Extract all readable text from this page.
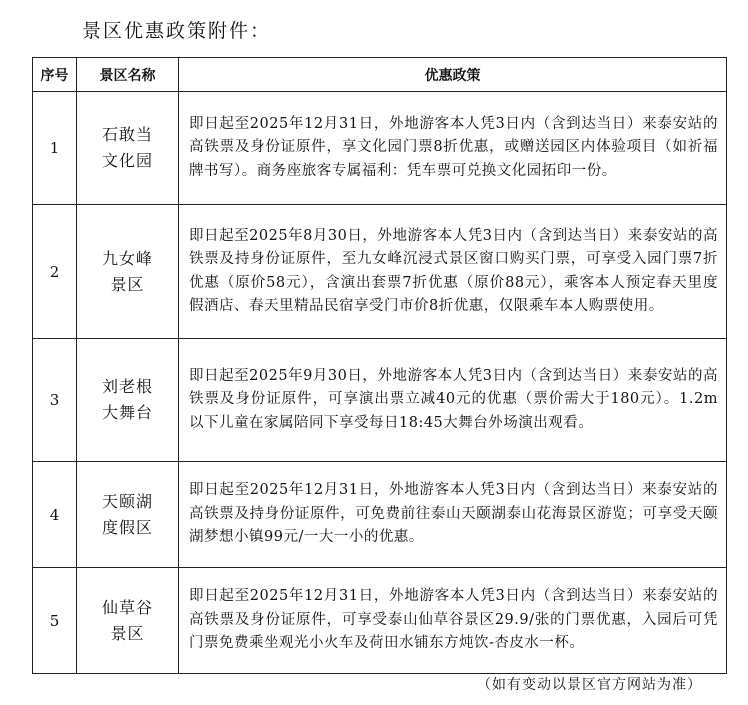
景区优惠政策附件：
序号	景区名称	优惠政策
1	石敢当文化园	即日起至2025年12月31日，外地游客本人凭3日内（含到达当日）来泰安站的高铁票及身份证原件，享文化园门票8折优惠，或赠送园区内体验项目（如祈福牌书写）。商务座旅客专属福利：凭车票可兑换文化园拓印一份。

2	九女峰景区	即日起至2025年8月30日，外地游客本人凭3日内（含到达当日）来泰安站的高铁票及持身份证原件，至九女峰沉浸式景区窗口购买门票，可享受入园门票7折优惠（原价58元），含演出套票7折优惠（原价88元），乘客本人预定春天里度假酒店、春天里精品民宿享受门市价8折优惠，仅限乘车本人购票使用。

3	刘老根大舞台	即日起至2025年9月30日，外地游客本人凭3日内（含到达当日）来泰安站的高铁票及身份证原件，可享演出票立减40元的优惠（票价需大于180元）。1.2m以下儿童在家属陪同下享受每日18:45大舞台外场演出观看。

4	天颐湖度假区	即日起至2025年12月31日，外地游客本人凭3日内（含到达当日）来泰安站的高铁票及持身份证原件，可免费前往泰山天颐湖泰山花海景区游览；可享受天颐湖梦想小镇99元/一大一小的优惠。

5	仙草谷景区	即日起至2025年12月31日，外地游客本人凭3日内（含到达当日）来泰安站的高铁票及身份证原件，可享受泰山仙草谷景区29.9/张的门票优惠，入园后可凭门票免费乘坐观光小火车及荷田水铺东方炖饮-杏皮水一杯。
（如有变动以景区官方网站为准）
